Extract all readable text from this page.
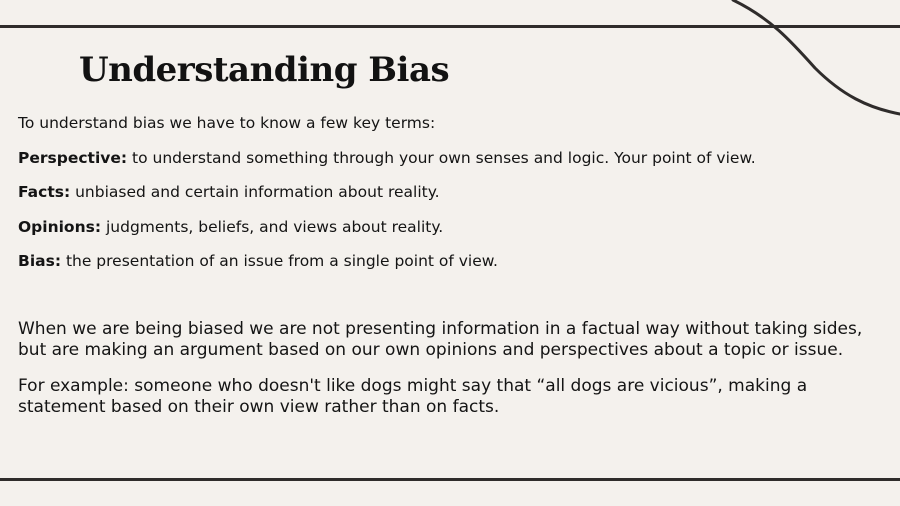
Understanding Bias

To understand bias we have to know a few key terms:

Perspective: to understand something through your own senses and logic. Your point of view.

Facts: unbiased and certain information about reality.

Opinions: judgments, beliefs, and views about reality.

Bias: the presentation of an issue from a single point of view.

When we are being biased we are not presenting information in a factual way without taking sides, but are making an argument based on our own opinions and perspectives about a topic or issue.

For example: someone who doesn't like dogs might say that “all dogs are vicious”, making a statement based on their own view rather than on facts.
